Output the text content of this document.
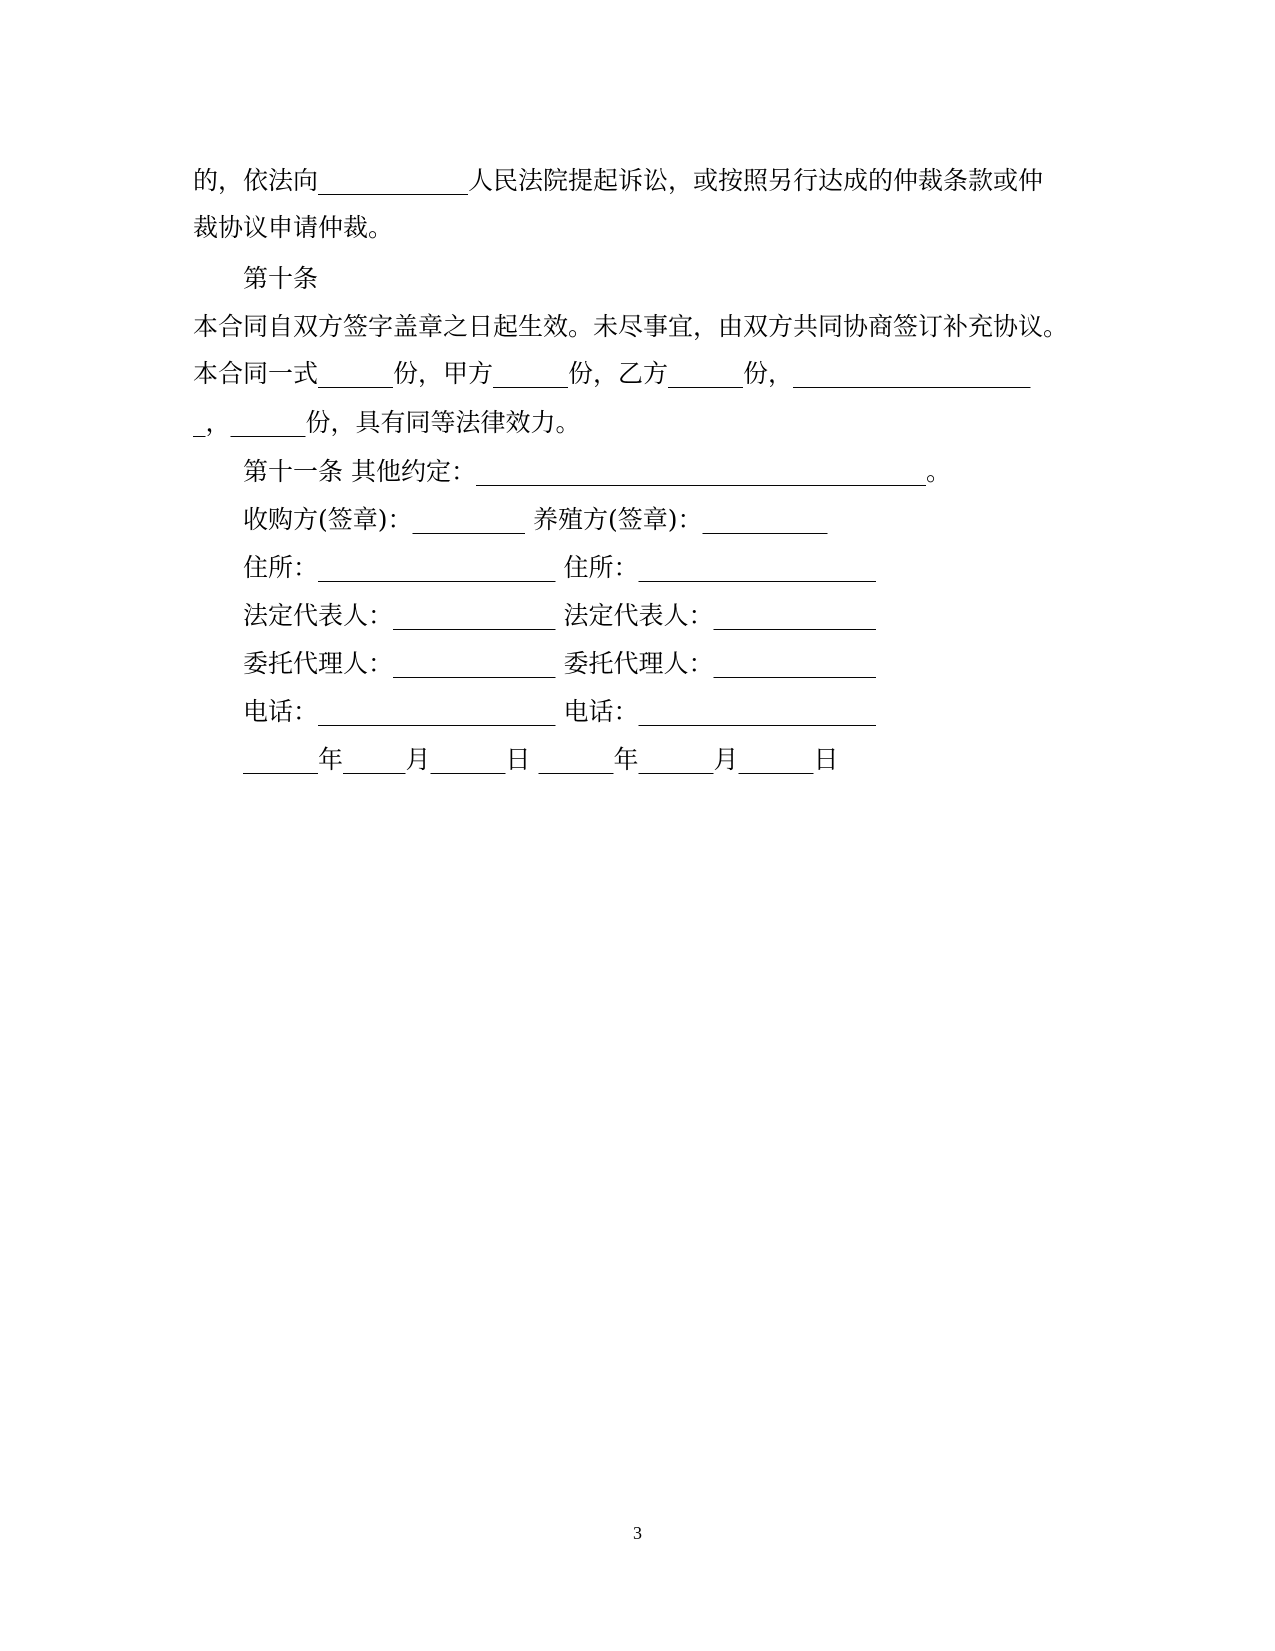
的，依法向____________人民法院提起诉讼，或按照另行达成的仲裁条款或仲
裁协议申请仲裁。
第十条
本合同自双方签字盖章之日起生效。未尽事宜，由双方共同协商签订补充协议。
本合同一式______份，甲方______份，乙方______份，___________________
_，______份，具有同等法律效力。
第十一条 其他约定：____________________________________。
收购方(签章)：_________ 养殖方(签章)：__________
住所：___________________ 住所：___________________
法定代表人：_____________ 法定代表人：_____________
委托代理人：_____________ 委托代理人：_____________
电话：___________________ 电话：___________________
______年_____月______日 ______年______月______日
3
